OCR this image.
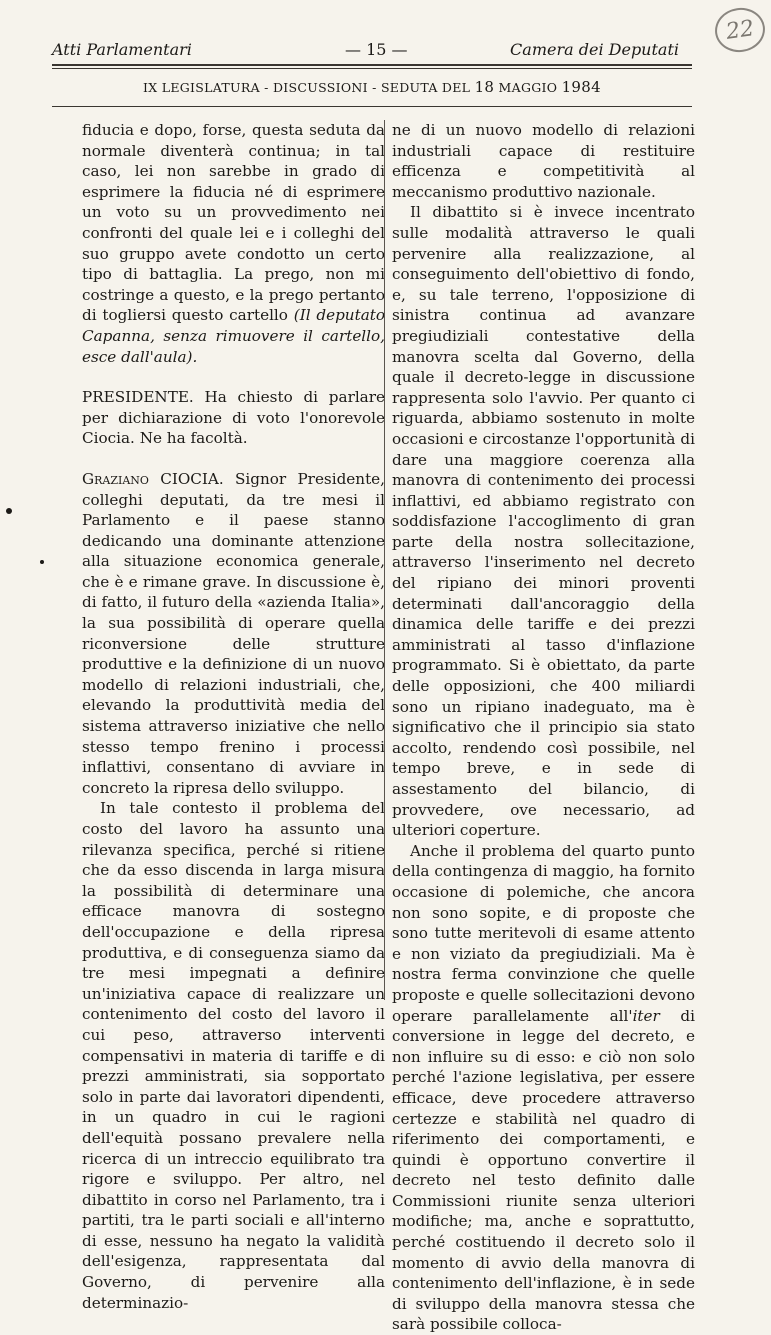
Atti Parlamentari	— 15 —	Camera dei Deputati
22
IX LEGISLATURA - DISCUSSIONI - SEDUTA DEL 18 MAGGIO 1984

fiducia e dopo, forse, questa seduta da normale diventerà continua; in tal caso, lei non sarebbe in grado di esprimere la fiducia né di esprimere un voto su un provvedimento nei confronti del quale lei e i colleghi del suo gruppo avete condotto un certo tipo di battaglia. La prego, non mi costringe a questo, e la prego pertanto di togliersi questo cartello (Il deputato Capanna, senza rimuovere il cartello, esce dall'aula).

PRESIDENTE. Ha chiesto di parlare per dichiarazione di voto l'onorevole Ciocia. Ne ha facoltà.

Graziano CIOCIA. Signor Presidente, colleghi deputati, da tre mesi il Parlamento e il paese stanno dedicando una dominante attenzione alla situazione economica generale, che è e rimane grave. In discussione è, di fatto, il futuro della «azienda Italia», la sua possibilità di operare quella riconversione delle strutture produttive e la definizione di un nuovo modello di relazioni industriali, che, elevando la produttività media del sistema attraverso iniziative che nello stesso tempo frenino i processi inflattivi, consentano di avviare in concreto la ripresa dello sviluppo.

In tale contesto il problema del costo del lavoro ha assunto una rilevanza specifica, perché si ritiene che da esso discenda in larga misura la possibilità di determinare una efficace manovra di sostegno dell'occupazione e della ripresa produttiva, e di conseguenza siamo da tre mesi impegnati a definire un'iniziativa capace di realizzare un contenimento del costo del lavoro il cui peso, attraverso interventi compensativi in materia di tariffe e di prezzi amministrati, sia sopportato solo in parte dai lavoratori dipendenti, in un quadro in cui le ragioni dell'equità possano prevalere nella ricerca di un intreccio equilibrato tra rigore e sviluppo. Per altro, nel dibattito in corso nel Parlamento, tra i partiti, tra le parti sociali e all'interno di esse, nessuno ha negato la validità dell'esigenza, rappresentata dal Governo, di pervenire alla determinazio-

ne di un nuovo modello di relazioni industriali capace di restituire efficenza e competitività al meccanismo produttivo nazionale.

Il dibattito si è invece incentrato sulle modalità attraverso le quali pervenire alla realizzazione, al conseguimento dell'obiettivo di fondo, e, su tale terreno, l'opposizione di sinistra continua ad avanzare pregiudiziali contestative della manovra scelta dal Governo, della quale il decreto-legge in discussione rappresenta solo l'avvio. Per quanto ci riguarda, abbiamo sostenuto in molte occasioni e circostanze l'opportunità di dare una maggiore coerenza alla manovra di contenimento dei processi inflattivi, ed abbiamo registrato con soddisfazione l'accoglimento di gran parte della nostra sollecitazione, attraverso l'inserimento nel decreto del ripiano dei minori proventi determinati dall'ancoraggio della dinamica delle tariffe e dei prezzi amministrati al tasso d'inflazione programmato. Si è obiettato, da parte delle opposizioni, che 400 miliardi sono un ripiano inadeguato, ma è significativo che il principio sia stato accolto, rendendo così possibile, nel tempo breve, e in sede di assestamento del bilancio, di provvedere, ove necessario, ad ulteriori coperture.

Anche il problema del quarto punto della contingenza di maggio, ha fornito occasione di polemiche, che ancora non sono sopite, e di proposte che sono tutte meritevoli di esame attento e non viziato da pregiudiziali. Ma è nostra ferma convinzione che quelle proposte e quelle sollecitazioni devono operare parallelamente all'iter di conversione in legge del decreto, e non influire su di esso: e ciò non solo perché l'azione legislativa, per essere efficace, deve procedere attraverso certezze e stabilità nel quadro di riferimento dei comportamenti, e quindi è opportuno convertire il decreto nel testo definito dalle Commissioni riunite senza ulteriori modifiche; ma, anche e soprattutto, perché costituendo il decreto solo il momento di avvio della manovra di contenimento dell'inflazione, è in sede di sviluppo della manovra stessa che sarà possibile colloca-
